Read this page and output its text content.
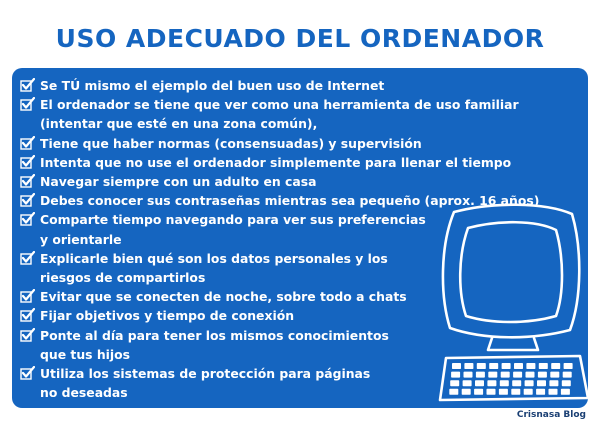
USO ADECUADO DEL ORDENADOR
Se TÚ mismo el ejemplo del buen uso de Internet
El ordenador se tiene que ver como una herramienta de uso familiar
(intentar que esté en una zona común),
Tiene que haber normas (consensuadas) y supervisión
Intenta que no use el ordenador simplemente para llenar el tiempo
Navegar siempre con un adulto en casa
Debes conocer sus contraseñas mientras sea pequeño (aprox. 16 años)
Comparte tiempo navegando para ver sus preferencias
y orientarle
Explicarle bien qué son los datos personales y los
riesgos de compartirlos
Evitar que se conecten de noche, sobre todo a chats
Fijar objetivos y tiempo de conexión
Ponte al día para tener los mismos conocimientos
que tus hijos
Utiliza los sistemas de protección para páginas
no deseadas
Crisnasa Blog
